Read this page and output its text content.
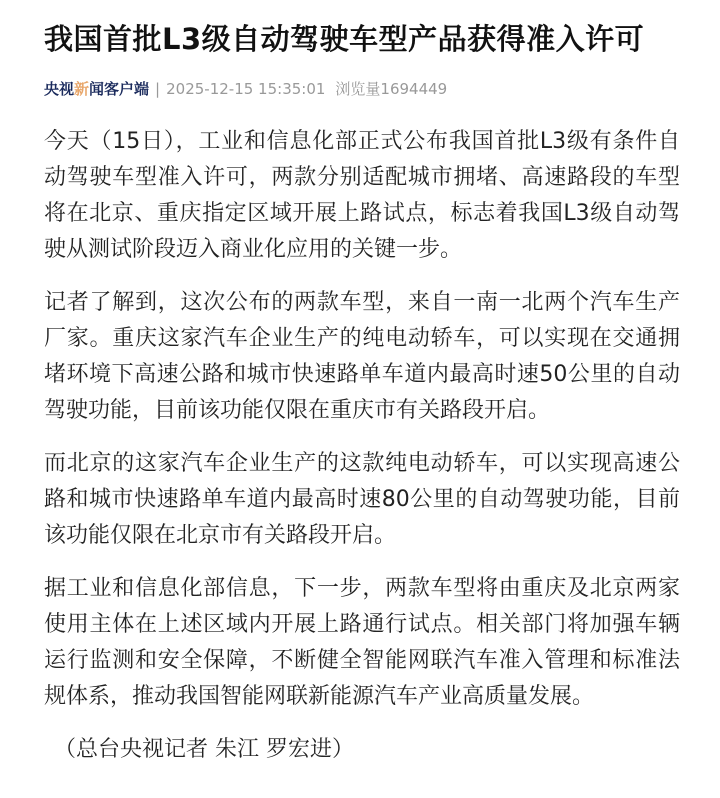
我国首批L3级自动驾驶车型产品获得准入许可
央视新闻客户端 | 2025-12-15 15:35:01 浏览量1694449

今天（15日），工业和信息化部正式公布我国首批L3级有条件自动驾驶车型准入许可，两款分别适配城市拥堵、高速路段的车型将在北京、重庆指定区域开展上路试点，标志着我国L3级自动驾驶从测试阶段迈入商业化应用的关键一步。

记者了解到，这次公布的两款车型，来自一南一北两个汽车生产厂家。重庆这家汽车企业生产的纯电动轿车，可以实现在交通拥堵环境下高速公路和城市快速路单车道内最高时速50公里的自动驾驶功能，目前该功能仅限在重庆市有关路段开启。

而北京的这家汽车企业生产的这款纯电动轿车，可以实现高速公路和城市快速路单车道内最高时速80公里的自动驾驶功能，目前该功能仅限在北京市有关路段开启。

据工业和信息化部信息，下一步，两款车型将由重庆及北京两家使用主体在上述区域内开展上路通行试点。相关部门将加强车辆运行监测和安全保障，不断健全智能网联汽车准入管理和标准法规体系，推动我国智能网联新能源汽车产业高质量发展。

（总台央视记者 朱江 罗宏进）
